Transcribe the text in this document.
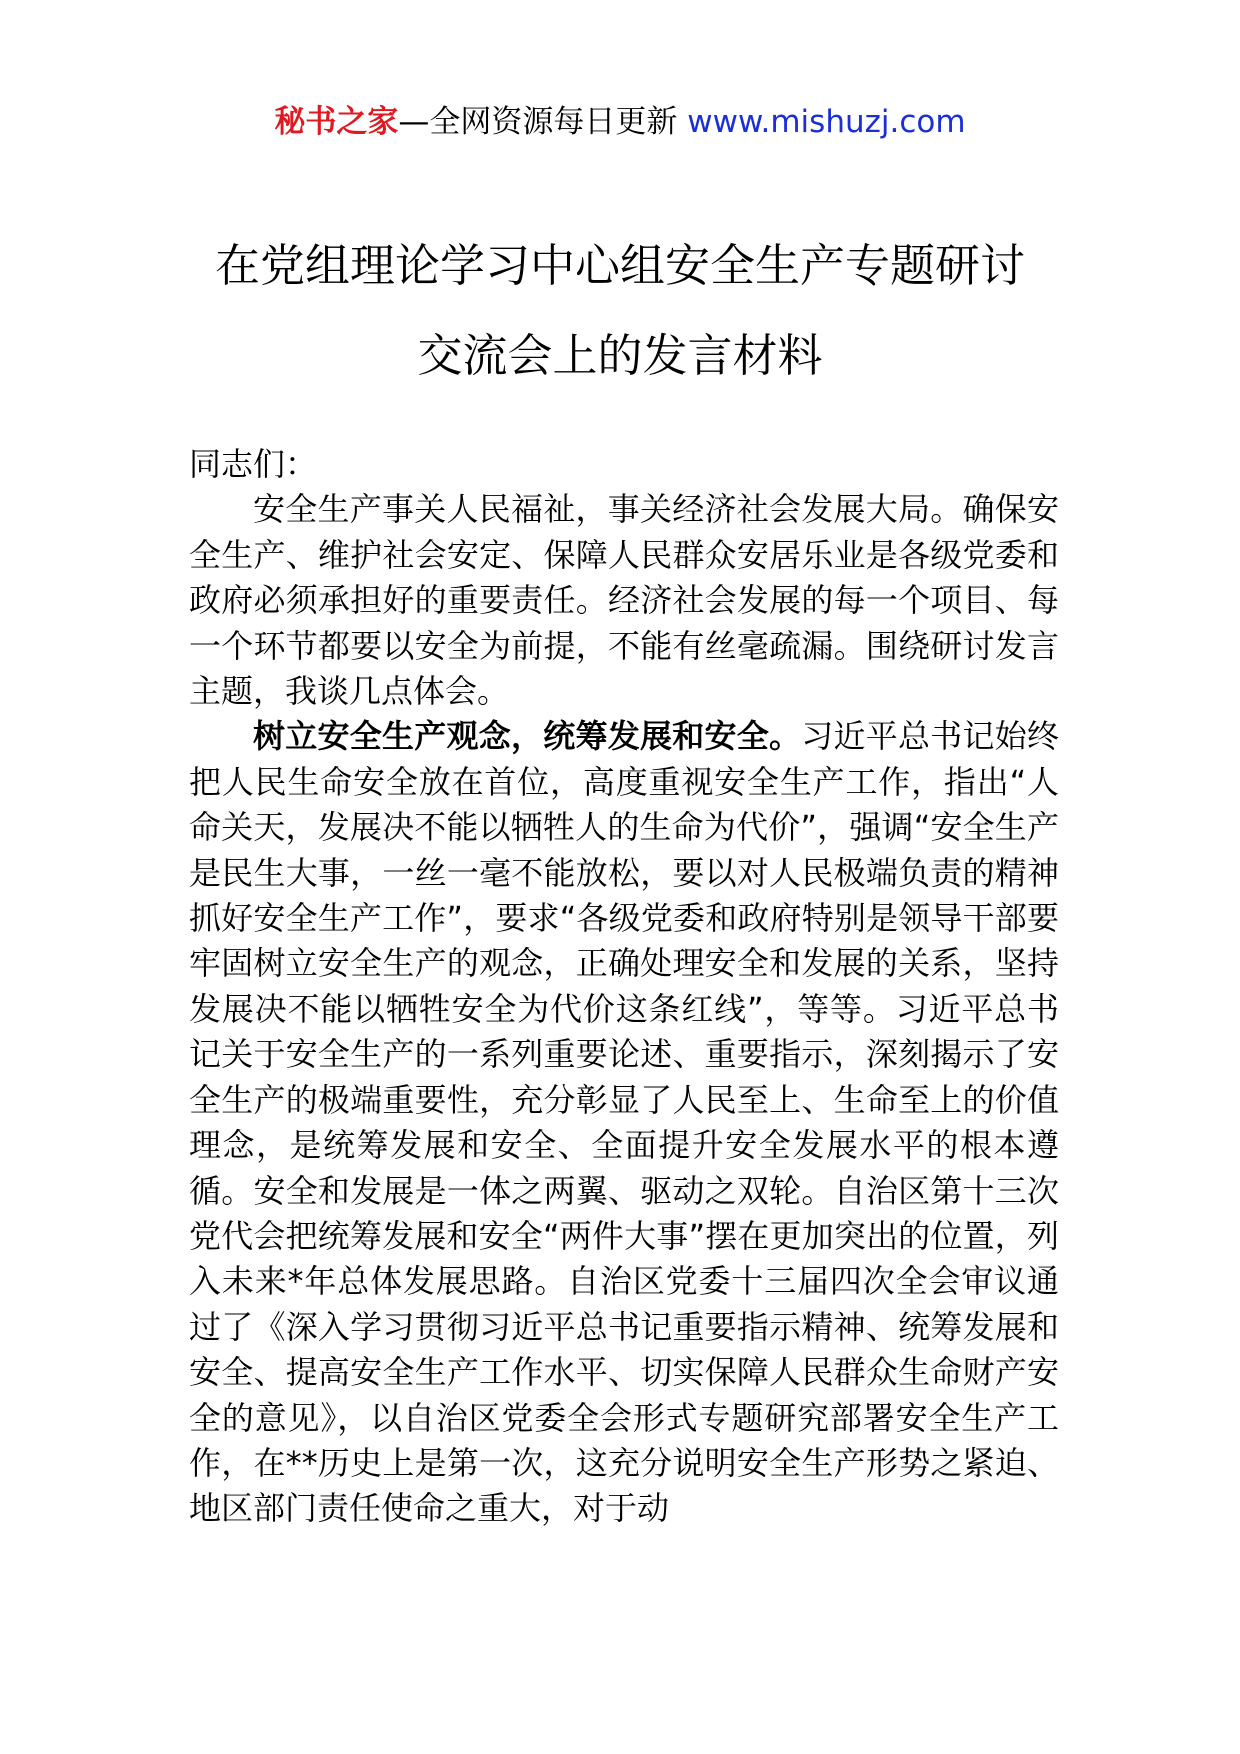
秘书之家—全网资源每日更新 www.mishuzj.com
在党组理论学习中心组安全生产专题研讨
交流会上的发言材料

同志们：

安全生产事关人民福祉，事关经济社会发展大局。确保安全生产、维护社会安定、保障人民群众安居乐业是各级党委和政府必须承担好的重要责任。经济社会发展的每一个项目、每一个环节都要以安全为前提，不能有丝毫疏漏。围绕研讨发言主题，我谈几点体会。

树立安全生产观念，统筹发展和安全。习近平总书记始终把人民生命安全放在首位，高度重视安全生产工作，指出“人命关天，发展决不能以牺牲人的生命为代价”，强调“安全生产是民生大事，一丝一毫不能放松，要以对人民极端负责的精神抓好安全生产工作”，要求“各级党委和政府特别是领导干部要牢固树立安全生产的观念，正确处理安全和发展的关系，坚持发展决不能以牺牲安全为代价这条红线”，等等。习近平总书记关于安全生产的一系列重要论述、重要指示，深刻揭示了安全生产的极端重要性，充分彰显了人民至上、生命至上的价值理念，是统筹发展和安全、全面提升安全发展水平的根本遵循。安全和发展是一体之两翼、驱动之双轮。自治区第十三次党代会把统筹发展和安全“两件大事”摆在更加突出的位置，列入未来*年总体发展思路。自治区党委十三届四次全会审议通过了《深入学习贯彻习近平总书记重要指示精神、统筹发展和安全、提高安全生产工作水平、切实保障人民群众生命财产安全的意见》，以自治区党委全会形式专题研究部署安全生产工作，在**历史上是第一次，这充分说明安全生产形势之紧迫、地区部门责任使命之重大，对于动
